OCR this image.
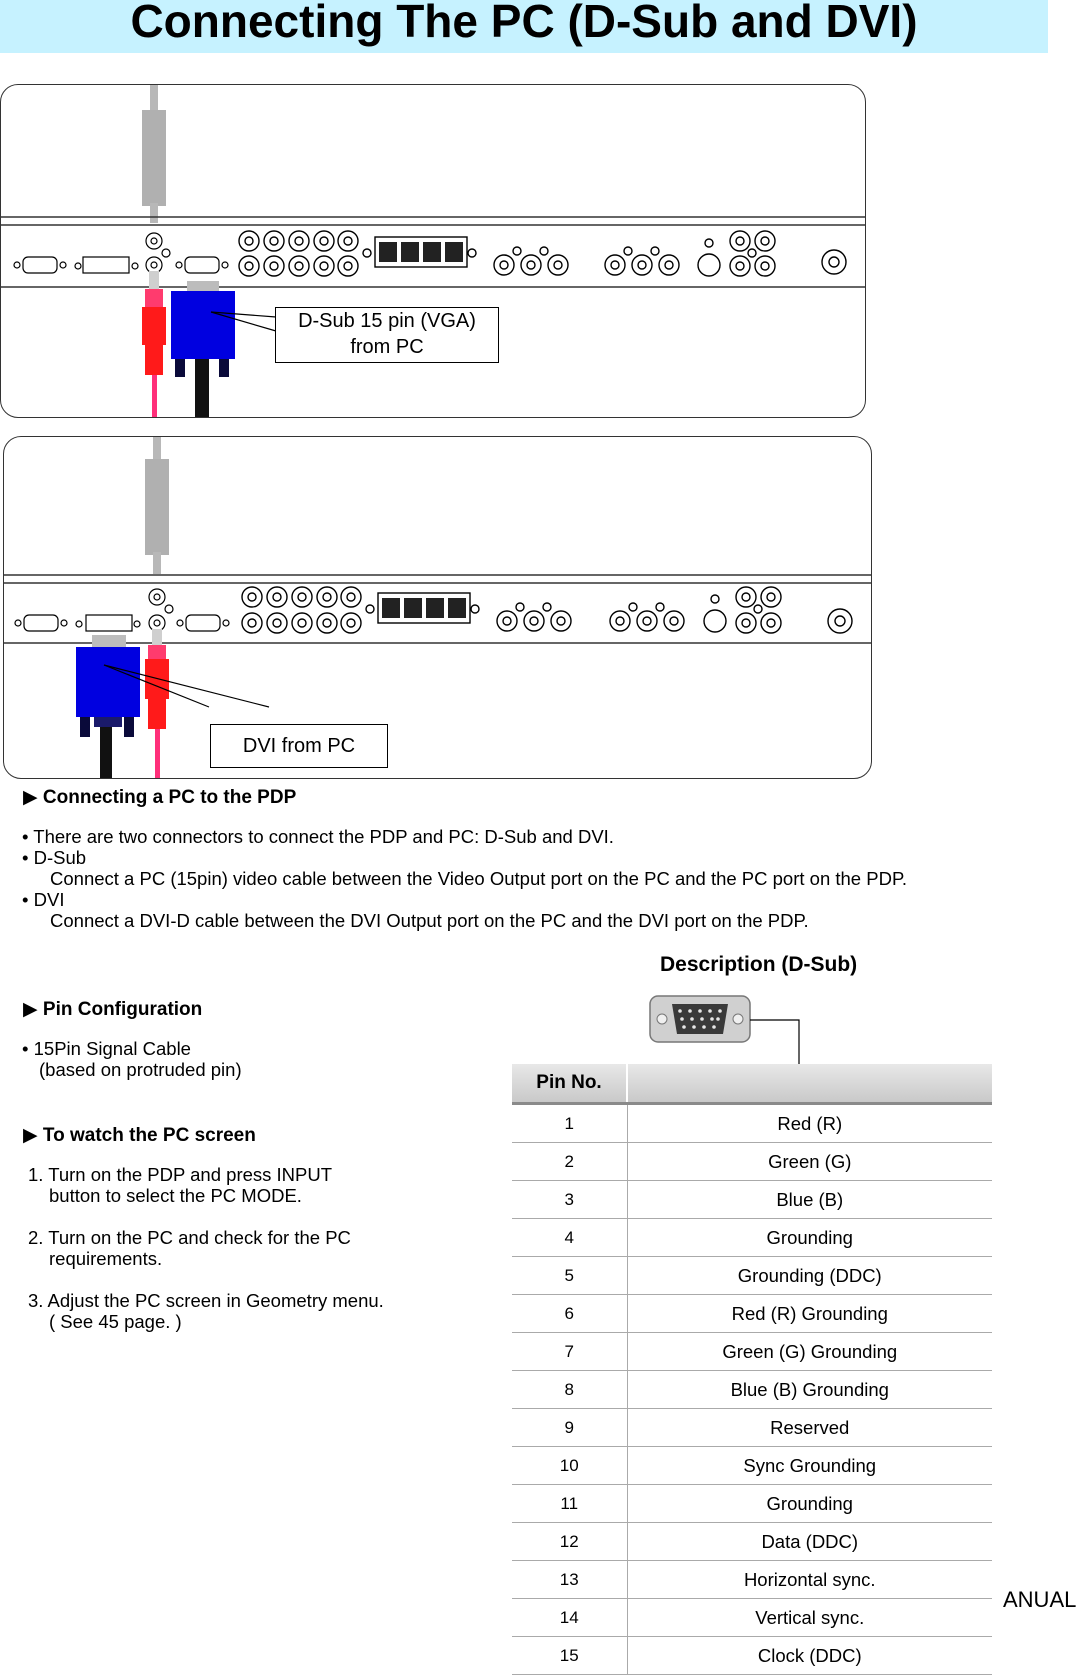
Connecting The PC (D-Sub and DVI)
D-Sub 15 pin (VGA)
from PC
DVI from PC
▶ Connecting a PC to the PDP
• There are two connectors to connect the PDP and PC: D-Sub and DVI.
• D-Sub
Connect a PC (15pin) video cable between the Video Output port on the PC and the PC port on the PDP.
• DVI
Connect a DVI-D cable between the DVI Output port on the PC and the DVI port on the PDP.
Description (D-Sub)
Pin No.	
1	Red (R)
2	Green (G)
3	Blue (B)
4	Grounding
5	Grounding (DDC)
6	Red (R) Grounding
7	Green (G) Grounding
8	Blue (B) Grounding
9	Reserved
10	Sync Grounding
11	Grounding
12	Data (DDC)
13	Horizontal sync.
14	Vertical sync.
15	Clock (DDC)
▶ Pin Configuration
• 15Pin Signal Cable
(based on protruded pin)
▶ To watch the PC screen
1. Turn on the PDP and press INPUT
button to select the PC MODE.
2. Turn on the PC and check for the PC
requirements.
3. Adjust the PC screen in Geometry menu.
( See 45 page. )
ANUAL
